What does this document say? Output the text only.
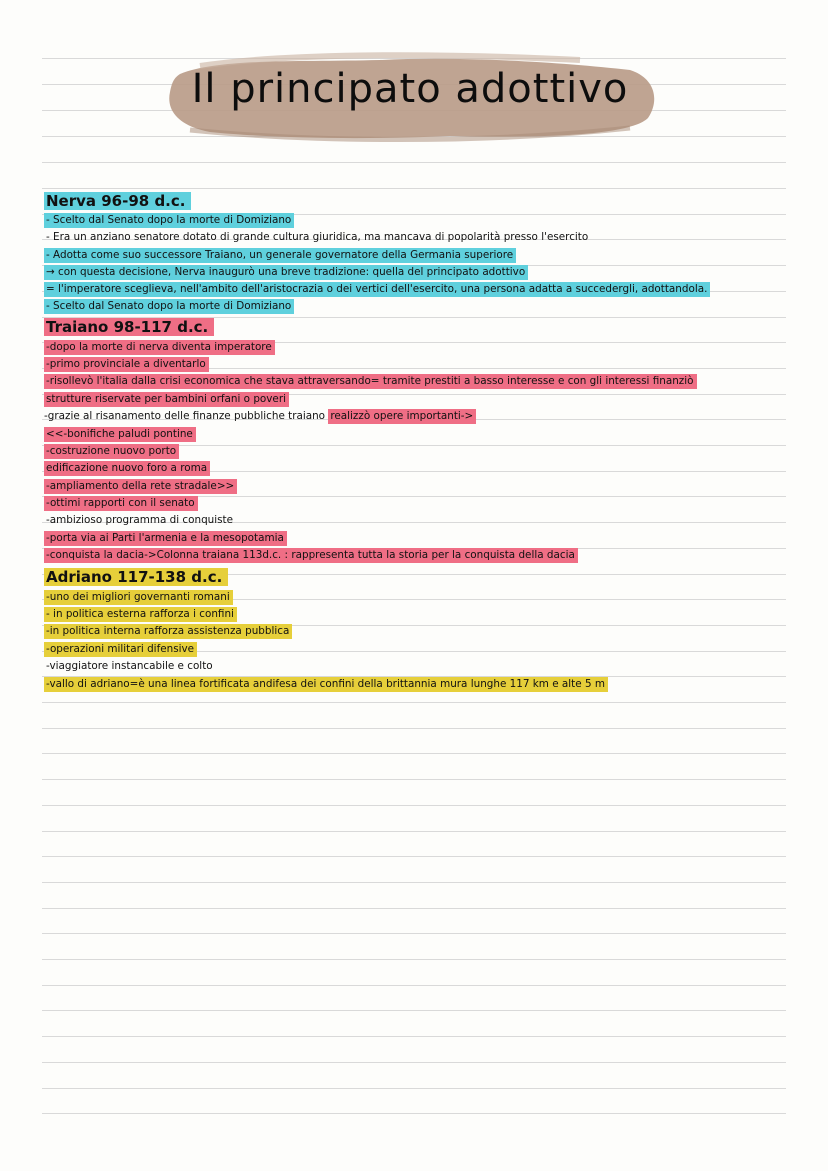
Il principato adottivo
Nerva 96-98 d.c.
- Scelto dal Senato dopo la morte di Domiziano
- Era un anziano senatore dotato di grande cultura giuridica, ma mancava di popolarità presso l'esercito
- Adotta come suo successore Traiano, un generale governatore della Germania superiore
→ con questa decisione, Nerva inaugurò una breve tradizione: quella del principato adottivo
= l'imperatore sceglieva, nell'ambito dell'aristocrazia o dei vertici dell'esercito, una persona adatta a succedergli, adottandola.
- Scelto dal Senato dopo la morte di Domiziano
Traiano 98-117 d.c.
-dopo la morte di nerva diventa imperatore
-primo provinciale a diventarlo
-risollevò l'italia dalla crisi economica che stava attraversando= tramite prestiti a basso interesse e con gli interessi finanziò
strutture riservate per bambini orfani o poveri
-grazie al risanamento delle finanze pubbliche traiano realizzò opere importanti->
<<-bonifiche paludi pontine
-costruzione nuovo porto
edificazione nuovo foro a roma
-ampliamento della rete stradale>>
-ottimi rapporti con il senato
-ambizioso programma di conquiste
-porta via ai Parti l'armenia e la mesopotamia
-conquista la dacia->Colonna traiana 113d.c. : rappresenta tutta la storia per la conquista della dacia
Adriano 117-138 d.c.
-uno dei migliori governanti romani
- in politica esterna rafforza i confini
-in politica interna rafforza assistenza pubblica
-operazioni militari difensive
-viaggiatore instancabile e colto
-vallo di adriano=è una linea fortificata andifesa dei confini della brittannia mura lunghe 117 km e alte 5 m
